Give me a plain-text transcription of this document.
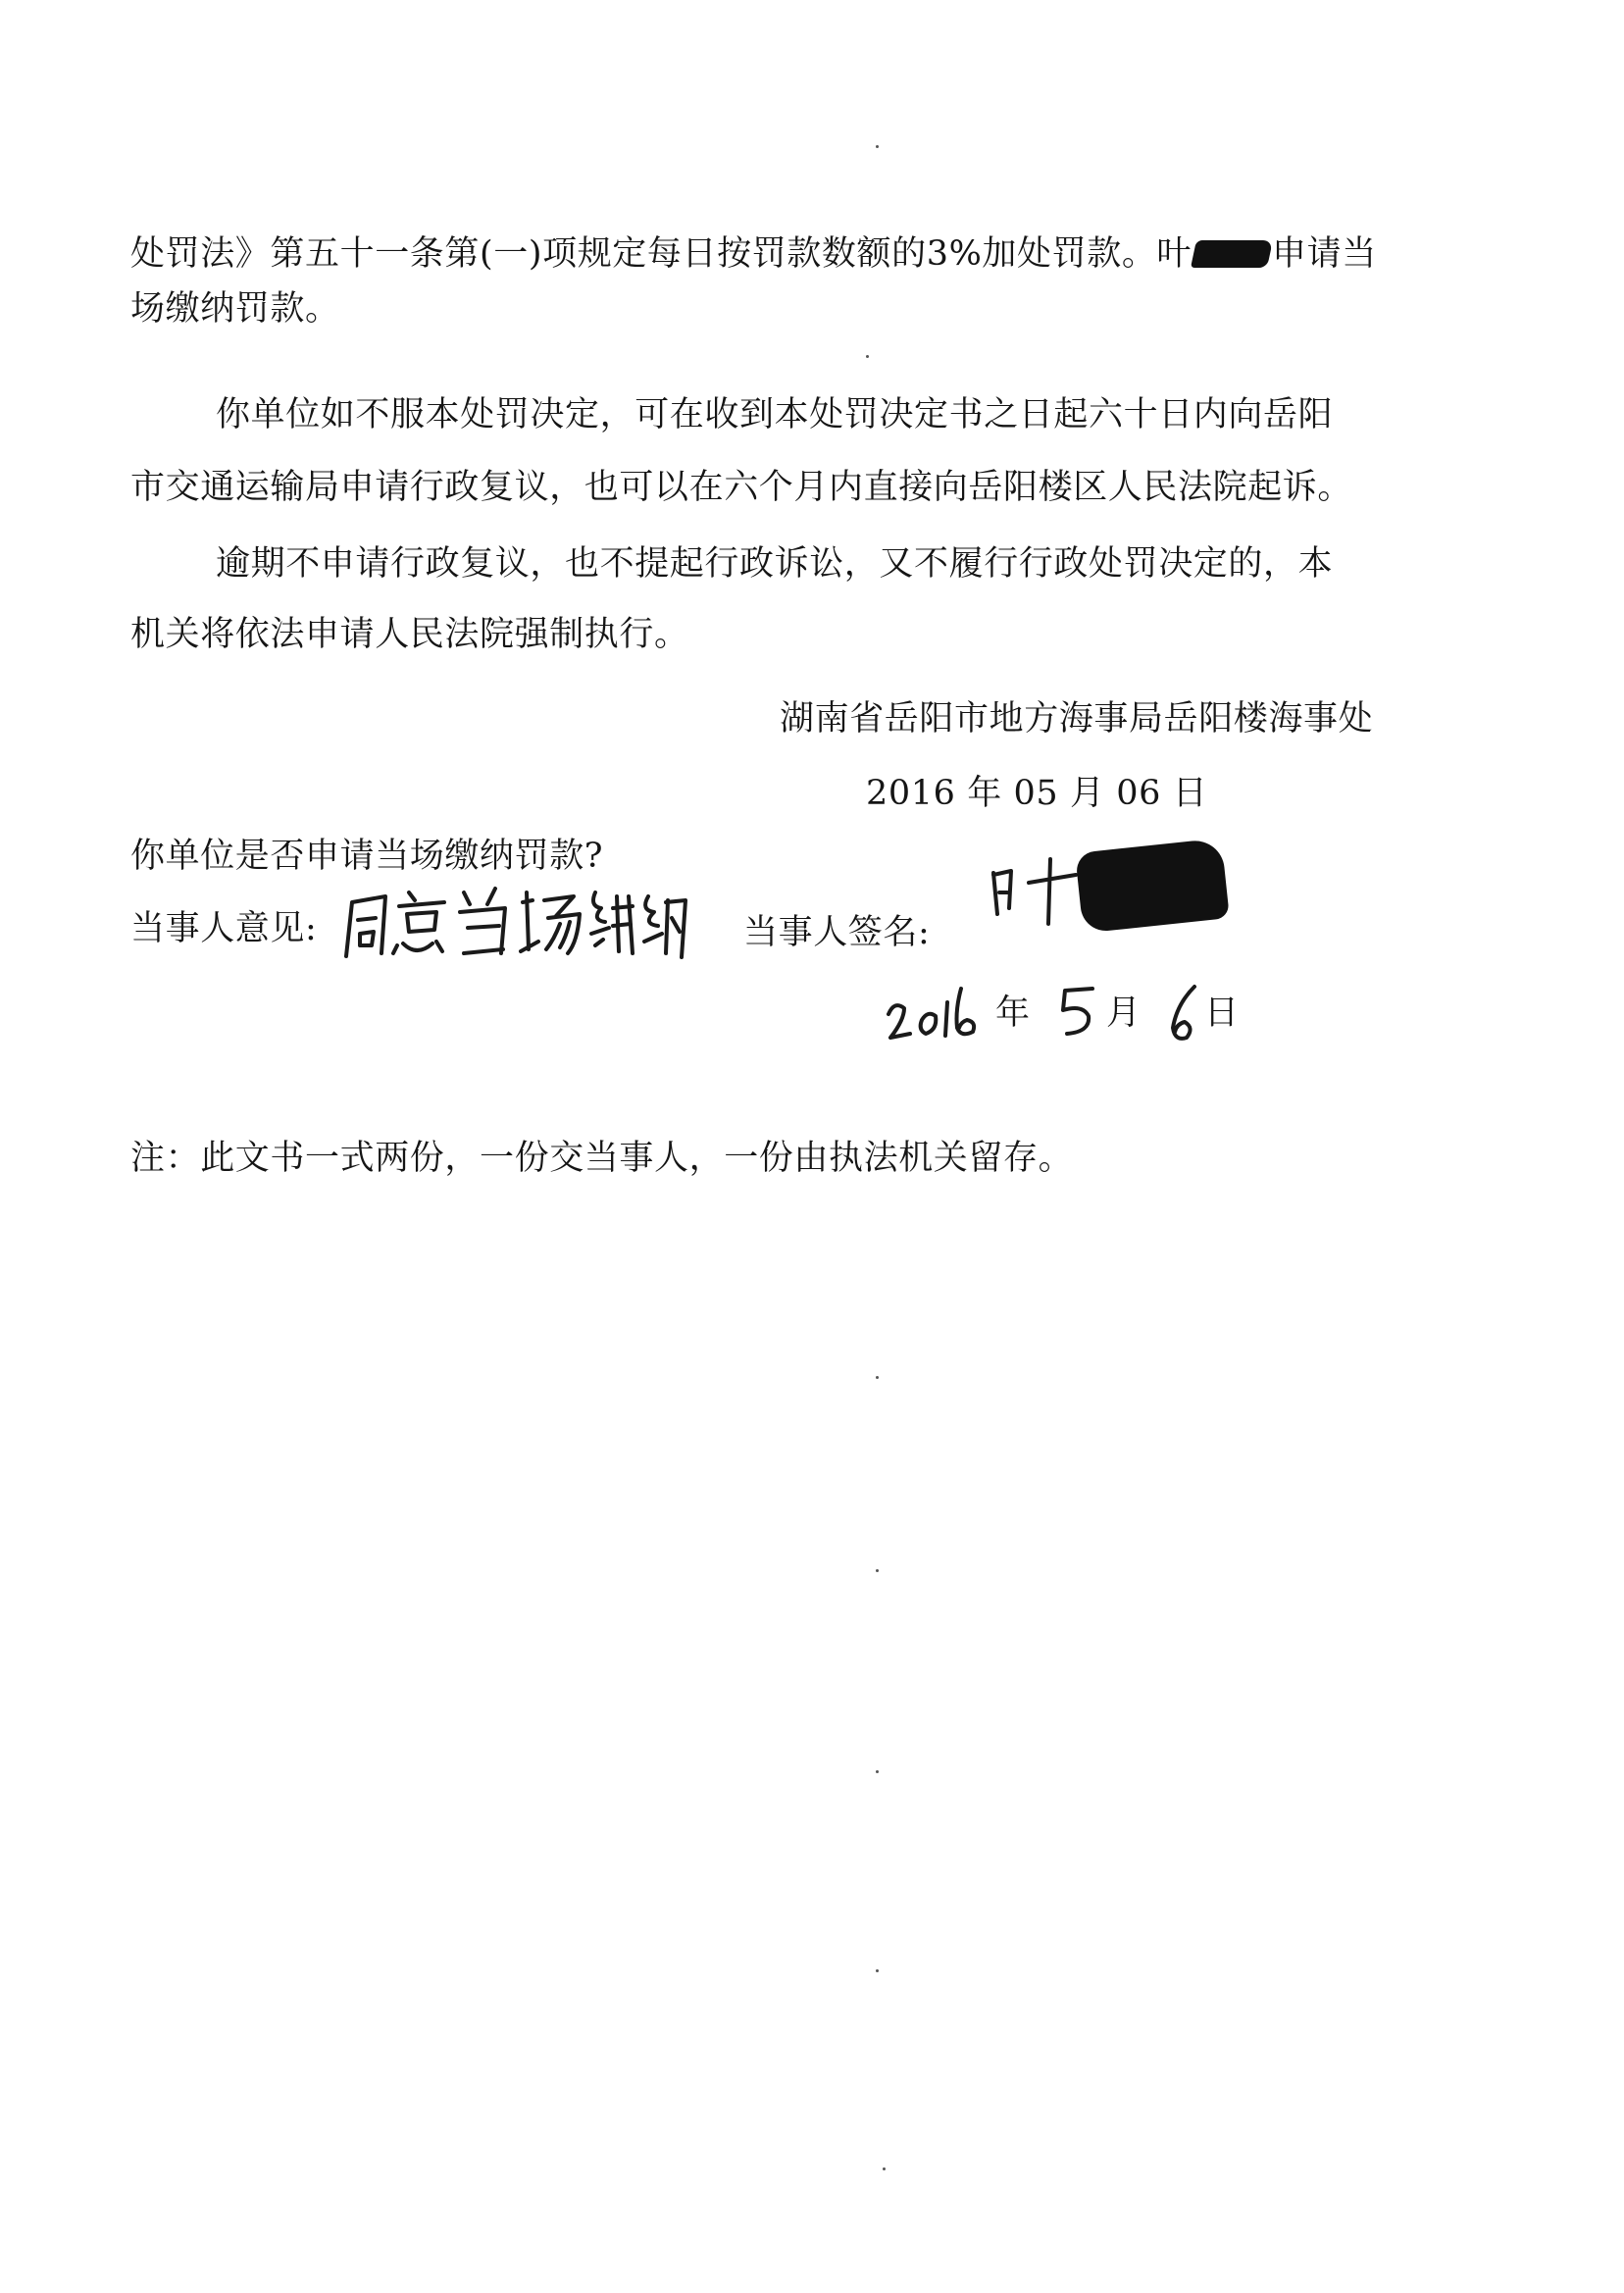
处罚法》第五十一条第(一)项规定每日按罚款数额的3%加处罚款。叶 申请当
场缴纳罚款。
你单位如不服本处罚决定，可在收到本处罚决定书之日起六十日内向岳阳
市交通运输局申请行政复议，也可以在六个月内直接向岳阳楼区人民法院起诉。
逾期不申请行政复议，也不提起行政诉讼，又不履行行政处罚决定的，本
机关将依法申请人民法院强制执行。
湖南省岳阳市地方海事局岳阳楼海事处
2016 年 05 月 06 日
你单位是否申请当场缴纳罚款?
当事人意见:	当事人签名:
年 月 日
注：此文书一式两份，一份交当事人，一份由执法机关留存。
